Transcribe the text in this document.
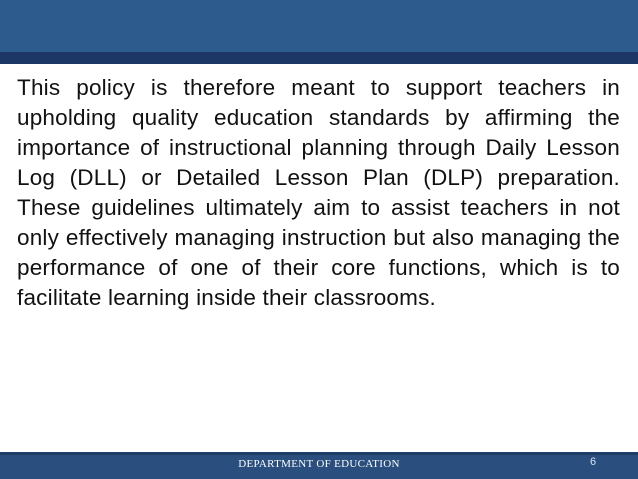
This policy is therefore meant to support teachers in upholding quality education standards by affirming the importance of instructional planning through Daily Lesson Log (DLL) or Detailed Lesson Plan (DLP) preparation. These guidelines ultimately aim to assist teachers in not only effectively managing instruction but also managing the performance of one of their core functions, which is to facilitate learning inside their classrooms.

DEPARTMENT OF EDUCATION	6
